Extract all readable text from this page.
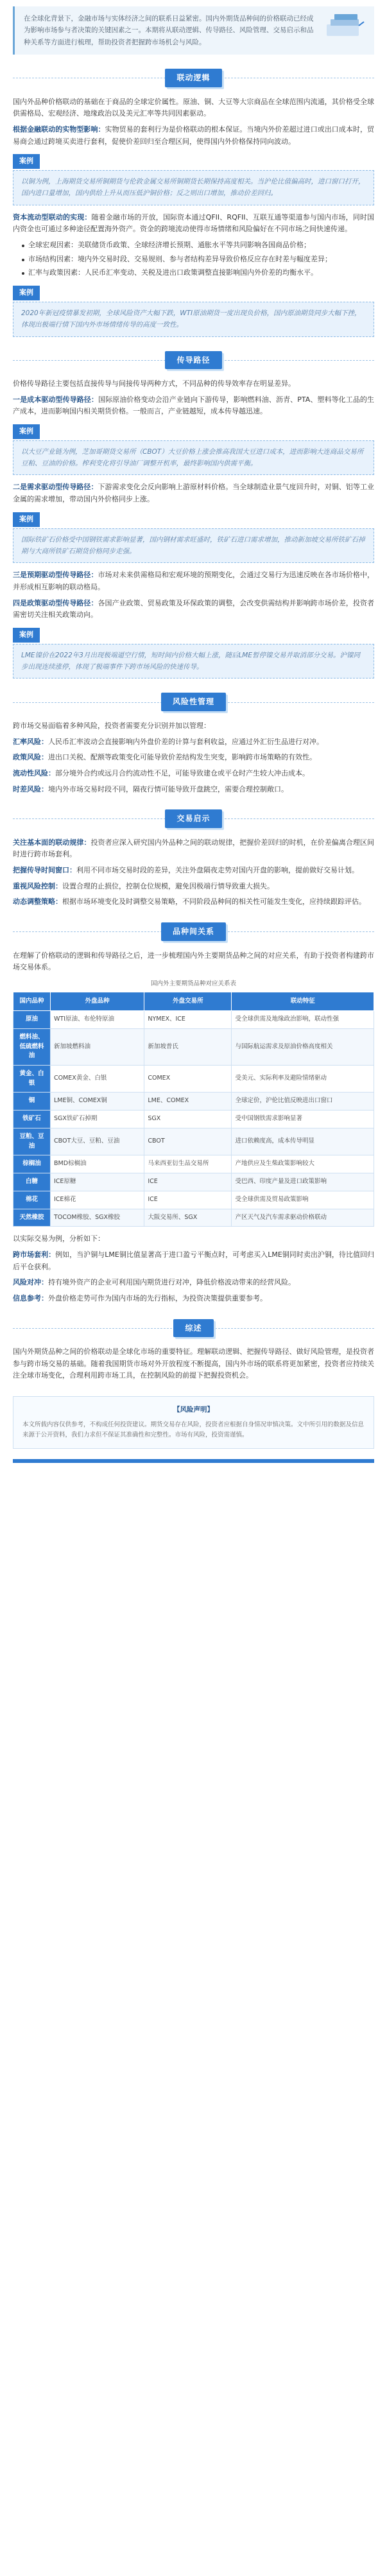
在全球化背景下，金融市场与实体经济之间的联系日益紧密。国内外期货品种间的价格联动已经成为影响市场参与者决策的关键因素之一。本期将从联动逻辑、传导路径、风险管理、交易启示和品种关系等方面进行梳理，帮助投资者把握跨市场机会与风险。
联动逻辑

国内外品种价格联动的基础在于商品的全球定价属性。原油、铜、大豆等大宗商品在全球范围内流通，其价格受全球供需格局、宏观经济、地缘政治以及美元汇率等共同因素驱动。

根据金融联动的实物型影响：实物贸易的套利行为是价格联动的根本保证。当境内外价差超过进口或出口成本时，贸易商会通过跨境买卖进行套利，促使价差回归至合理区间，使得国内外价格保持同向波动。

案例
以铜为例，上海期货交易所铜期货与伦敦金属交易所铜期货长期保持高度相关。当沪伦比值偏高时，进口窗口打开，国内进口量增加，国内供给上升从而压低沪铜价格；反之则出口增加，推动价差回归。

资本流动型联动的实现：随着金融市场的开放，国际资本通过QFII、RQFII、互联互通等渠道参与国内市场，同时国内资金也可通过多种途径配置海外资产。资金的跨境流动使得市场情绪和风险偏好在不同市场之间快速传递。

全球宏观因素：美联储货币政策、全球经济增长预期、通胀水平等共同影响各国商品价格；
市场结构因素：境内外交易时段、交易规则、参与者结构差异导致价格反应存在时差与幅度差异；
汇率与政策因素：人民币汇率变动、关税及进出口政策调整直接影响国内外价差的均衡水平。
案例
2020年新冠疫情暴发初期，全球风险资产大幅下跌，WTI原油期货一度出现负价格，国内原油期货同步大幅下挫，体现出极端行情下国内外市场情绪传导的高度一致性。
传导路径

价格传导路径主要包括直接传导与间接传导两种方式，不同品种的传导效率存在明显差异。

一是成本驱动型传导路径：国际原油价格变动会沿产业链向下游传导，影响燃料油、沥青、PTA、塑料等化工品的生产成本，进而影响国内相关期货价格。一般而言，产业链越短，成本传导越迅速。

案例
以大豆产业链为例，芝加哥期货交易所（CBOT）大豆价格上涨会推高我国大豆进口成本，进而影响大连商品交易所豆粕、豆油的价格。榨利变化将引导油厂调整开机率，最终影响国内供需平衡。

二是需求驱动型传导路径：下游需求变化会反向影响上游原材料价格。当全球制造业景气度回升时，对铜、铝等工业金属的需求增加，带动国内外价格同步上涨。

案例
国际铁矿石价格受中国钢铁需求影响显著，国内钢材需求旺盛时，铁矿石进口需求增加，推动新加坡交易所铁矿石掉期与大商所铁矿石期货价格同步走强。

三是预期驱动型传导路径：市场对未来供需格局和宏观环境的预期变化，会通过交易行为迅速反映在各市场价格中，并形成相互影响的联动格局。

四是政策驱动型传导路径：各国产业政策、贸易政策及环保政策的调整，会改变供需结构并影响跨市场价差，投资者需密切关注相关政策动向。

案例
LME镍价在2022年3月出现极端逼空行情，短时间内价格大幅上涨，随后LME暂停镍交易并取消部分交易。沪镍同步出现连续涨停，体现了极端事件下跨市场风险的快速传导。
风险性管理

跨市场交易面临着多种风险，投资者需要充分识别并加以管理：

汇率风险：人民币汇率波动会直接影响内外盘价差的计算与套利收益，应通过外汇衍生品进行对冲。

政策风险：进出口关税、配额等政策变化可能导致价差结构发生突变，影响跨市场策略的有效性。

流动性风险：部分境外合约或远月合约流动性不足，可能导致建仓或平仓时产生较大冲击成本。

时差风险：境内外市场交易时段不同，隔夜行情可能导致开盘跳空，需要合理控制敞口。

交易启示

关注基本面的联动规律：投资者应深入研究国内外品种之间的联动规律，把握价差回归的时机，在价差偏离合理区间时进行跨市场套利。

把握传导时间窗口：利用不同市场交易时段的差异，关注外盘隔夜走势对国内开盘的影响，提前做好交易计划。

重视风险控制：设置合理的止损位，控制仓位规模，避免因极端行情导致重大损失。

动态调整策略：根据市场环境变化及时调整交易策略，不同阶段品种间的相关性可能发生变化，应持续跟踪评估。

品种间关系

在理解了价格联动的逻辑和传导路径之后，进一步梳理国内外主要期货品种之间的对应关系，有助于投资者构建跨市场交易体系。

国内外主要期货品种对应关系表
国内品种	外盘品种	外盘交易所	联动特征
原油	WTI原油、布伦特原油	NYMEX、ICE	受全球供需及地缘政治影响，联动性强
燃料油、低硫燃料油	新加坡燃料油	新加坡普氏	与国际航运需求及原油价格高度相关
黄金、白银	COMEX黄金、白银	COMEX	受美元、实际利率及避险情绪驱动
铜	LME铜、COMEX铜	LME、COMEX	全球定价，沪伦比值反映进出口窗口
铁矿石	SGX铁矿石掉期	SGX	受中国钢铁需求影响显著
豆粕、豆油	CBOT大豆、豆粕、豆油	CBOT	进口依赖度高，成本传导明显
棕榈油	BMD棕榈油	马来西亚衍生品交易所	产地供应及生柴政策影响较大
白糖	ICE原糖	ICE	受巴西、印度产量及进口政策影响
棉花	ICE棉花	ICE	受全球供需及贸易政策影响
天然橡胶	TOCOM橡胶、SGX橡胶	大阪交易所、SGX	产区天气及汽车需求驱动价格联动

以实际交易为例，分析如下：

跨市场套利：例如，当沪铜与LME铜比值显著高于进口盈亏平衡点时，可考虑买入LME铜同时卖出沪铜，待比值回归后平仓获利。

风险对冲：持有境外资产的企业可利用国内期货进行对冲，降低价格波动带来的经营风险。

信息参考：外盘价格走势可作为国内市场的先行指标，为投资决策提供重要参考。

综述

国内外期货品种之间的价格联动是全球化市场的重要特征。理解联动逻辑、把握传导路径、做好风险管理，是投资者参与跨市场交易的基础。随着我国期货市场对外开放程度不断提高，国内外市场的联系将更加紧密，投资者应持续关注全球市场变化，合理利用跨市场工具，在控制风险的前提下把握投资机会。

【风险声明】
本文所载内容仅供参考，不构成任何投资建议。期货交易存在风险，投资者应根据自身情况审慎决策。文中所引用的数据及信息来源于公开资料，我们力求但不保证其准确性和完整性。市场有风险，投资需谨慎。
